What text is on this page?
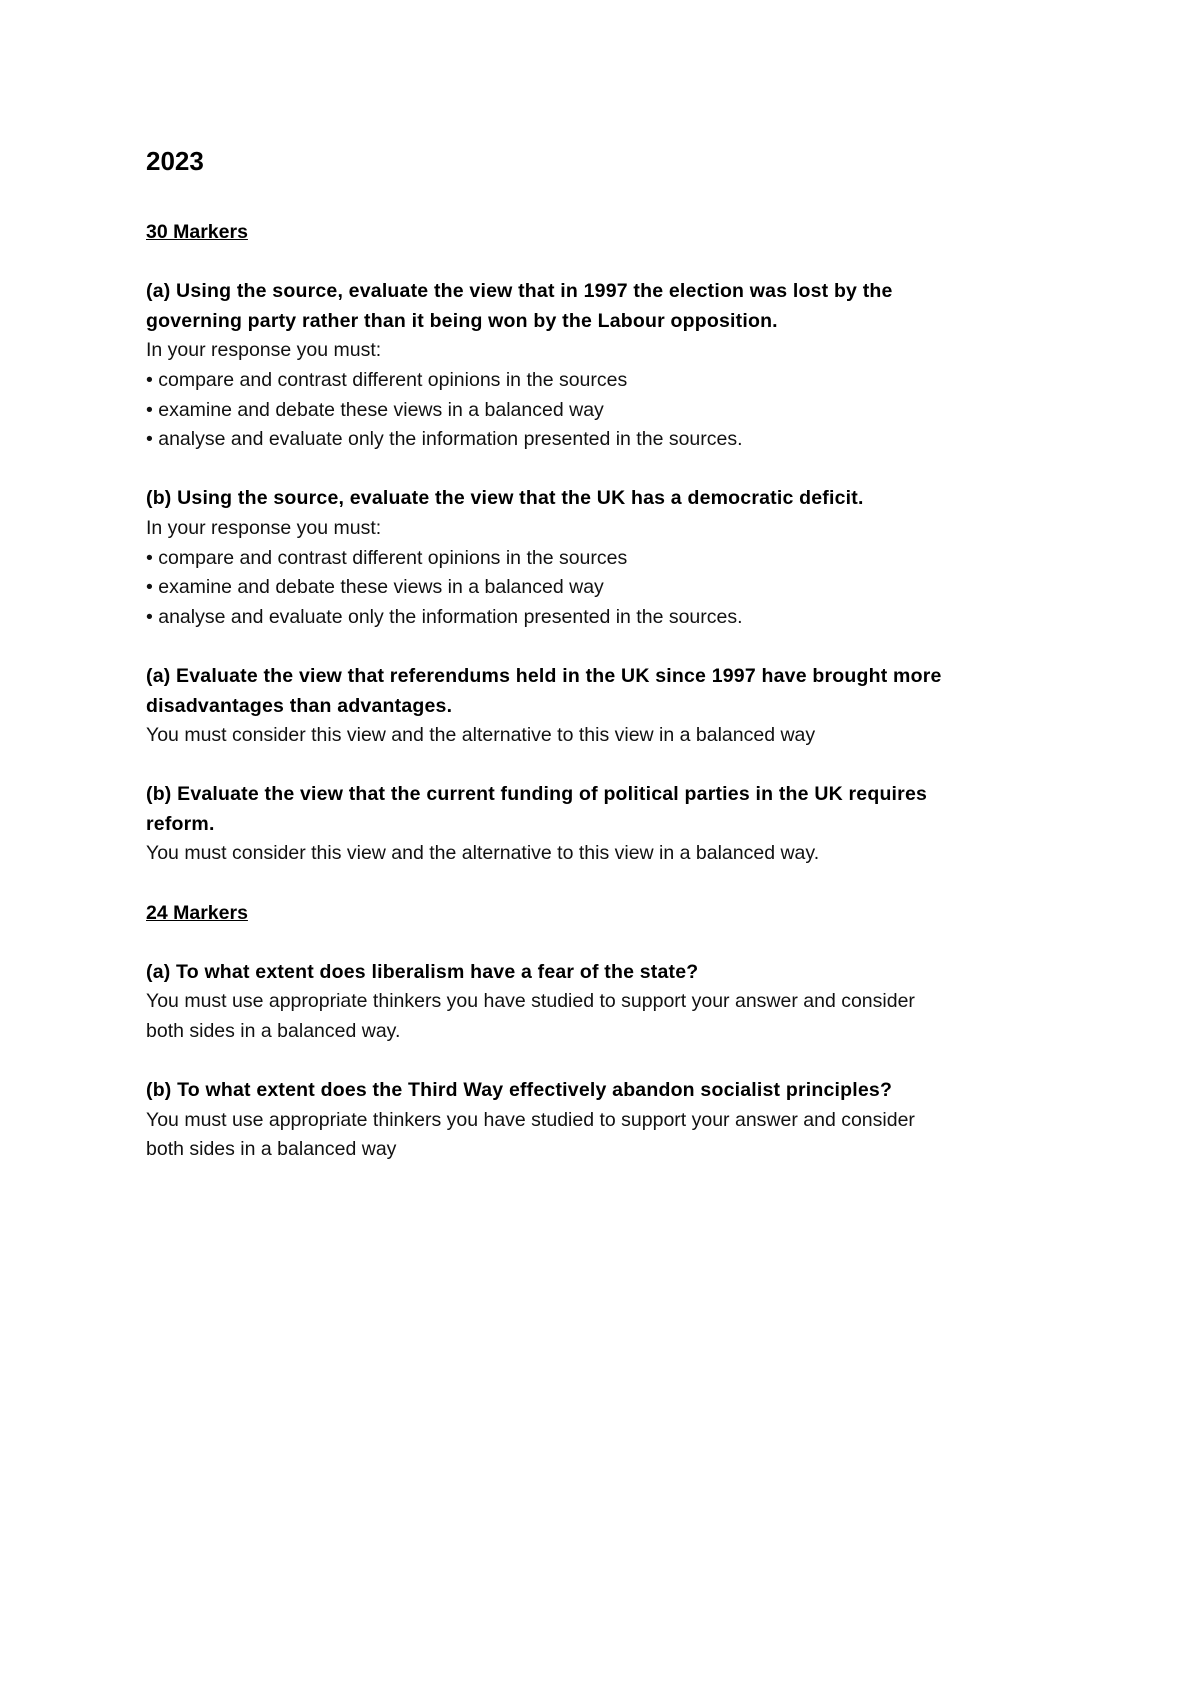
2023
30 Markers
(a) Using the source, evaluate the view that in 1997 the election was lost by the
governing party rather than it being won by the Labour opposition.
In your response you must:
• compare and contrast different opinions in the sources
• examine and debate these views in a balanced way
• analyse and evaluate only the information presented in the sources.
(b) Using the source, evaluate the view that the UK has a democratic deficit.
In your response you must:
• compare and contrast different opinions in the sources
• examine and debate these views in a balanced way
• analyse and evaluate only the information presented in the sources.
(a) Evaluate the view that referendums held in the UK since 1997 have brought more
disadvantages than advantages.
You must consider this view and the alternative to this view in a balanced way
(b) Evaluate the view that the current funding of political parties in the UK requires
reform.
You must consider this view and the alternative to this view in a balanced way.
24 Markers
(a) To what extent does liberalism have a fear of the state?
You must use appropriate thinkers you have studied to support your answer and consider
both sides in a balanced way.
(b) To what extent does the Third Way effectively abandon socialist principles?
You must use appropriate thinkers you have studied to support your answer and consider
both sides in a balanced way
